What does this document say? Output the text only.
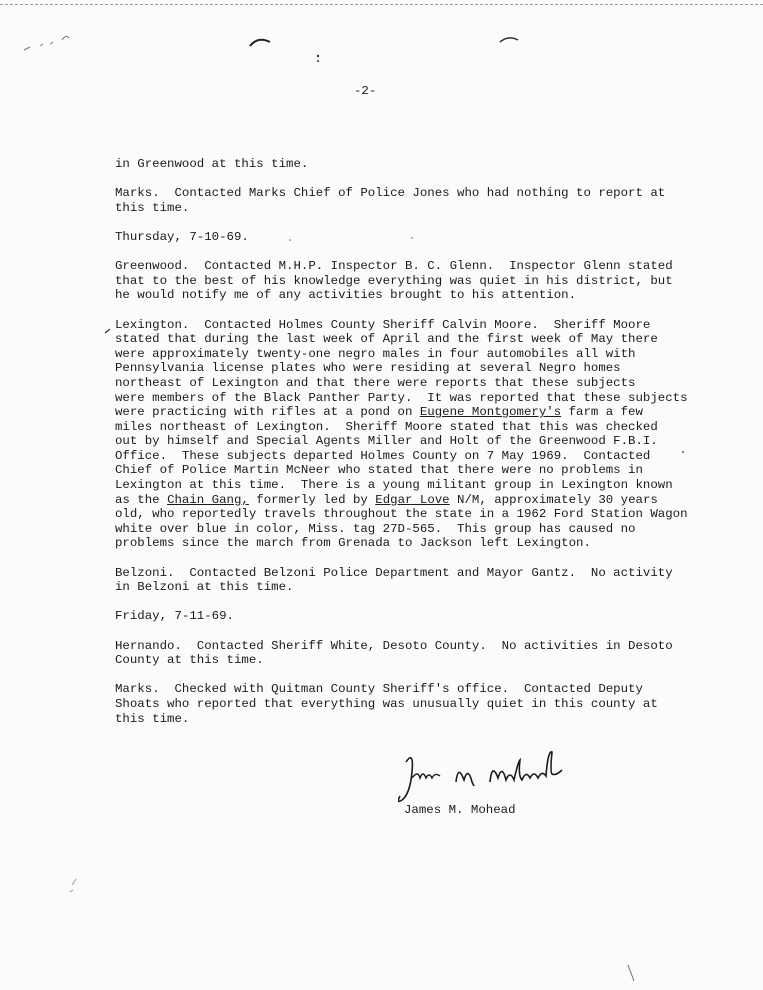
-2-
in Greenwood at this time.
Marks.  Contacted Marks Chief of Police Jones who had nothing to report at
this time.
Thursday, 7-10-69.
Greenwood.  Contacted M.H.P. Inspector B. C. Glenn.  Inspector Glenn stated
that to the best of his knowledge everything was quiet in his district, but
he would notify me of any activities brought to his attention.
Lexington.  Contacted Holmes County Sheriff Calvin Moore.  Sheriff Moore
stated that during the last week of April and the first week of May there
were approximately twenty-one negro males in four automobiles all with
Pennsylvania license plates who were residing at several Negro homes
northeast of Lexington and that there were reports that these subjects
were members of the Black Panther Party.  It was reported that these subjects
were practicing with rifles at a pond on Eugene Montgomery's farm a few
miles northeast of Lexington.  Sheriff Moore stated that this was checked
out by himself and Special Agents Miller and Holt of the Greenwood F.B.I.
Office.  These subjects departed Holmes County on 7 May 1969.  Contacted
Chief of Police Martin McNeer who stated that there were no problems in
Lexington at this time.  There is a young militant group in Lexington known
as the Chain Gang, formerly led by Edgar Love N/M, approximately 30 years
old, who reportedly travels throughout the state in a 1962 Ford Station Wagon
white over blue in color, Miss. tag 27D-565.  This group has caused no
problems since the march from Grenada to Jackson left Lexington.
Belzoni.  Contacted Belzoni Police Department and Mayor Gantz.  No activity
in Belzoni at this time.
Friday, 7-11-69.
Hernando.  Contacted Sheriff White, Desoto County.  No activities in Desoto
County at this time.
Marks.  Checked with Quitman County Sheriff's office.  Contacted Deputy
Shoats who reported that everything was unusually quiet in this county at
this time.
James M. Mohead
